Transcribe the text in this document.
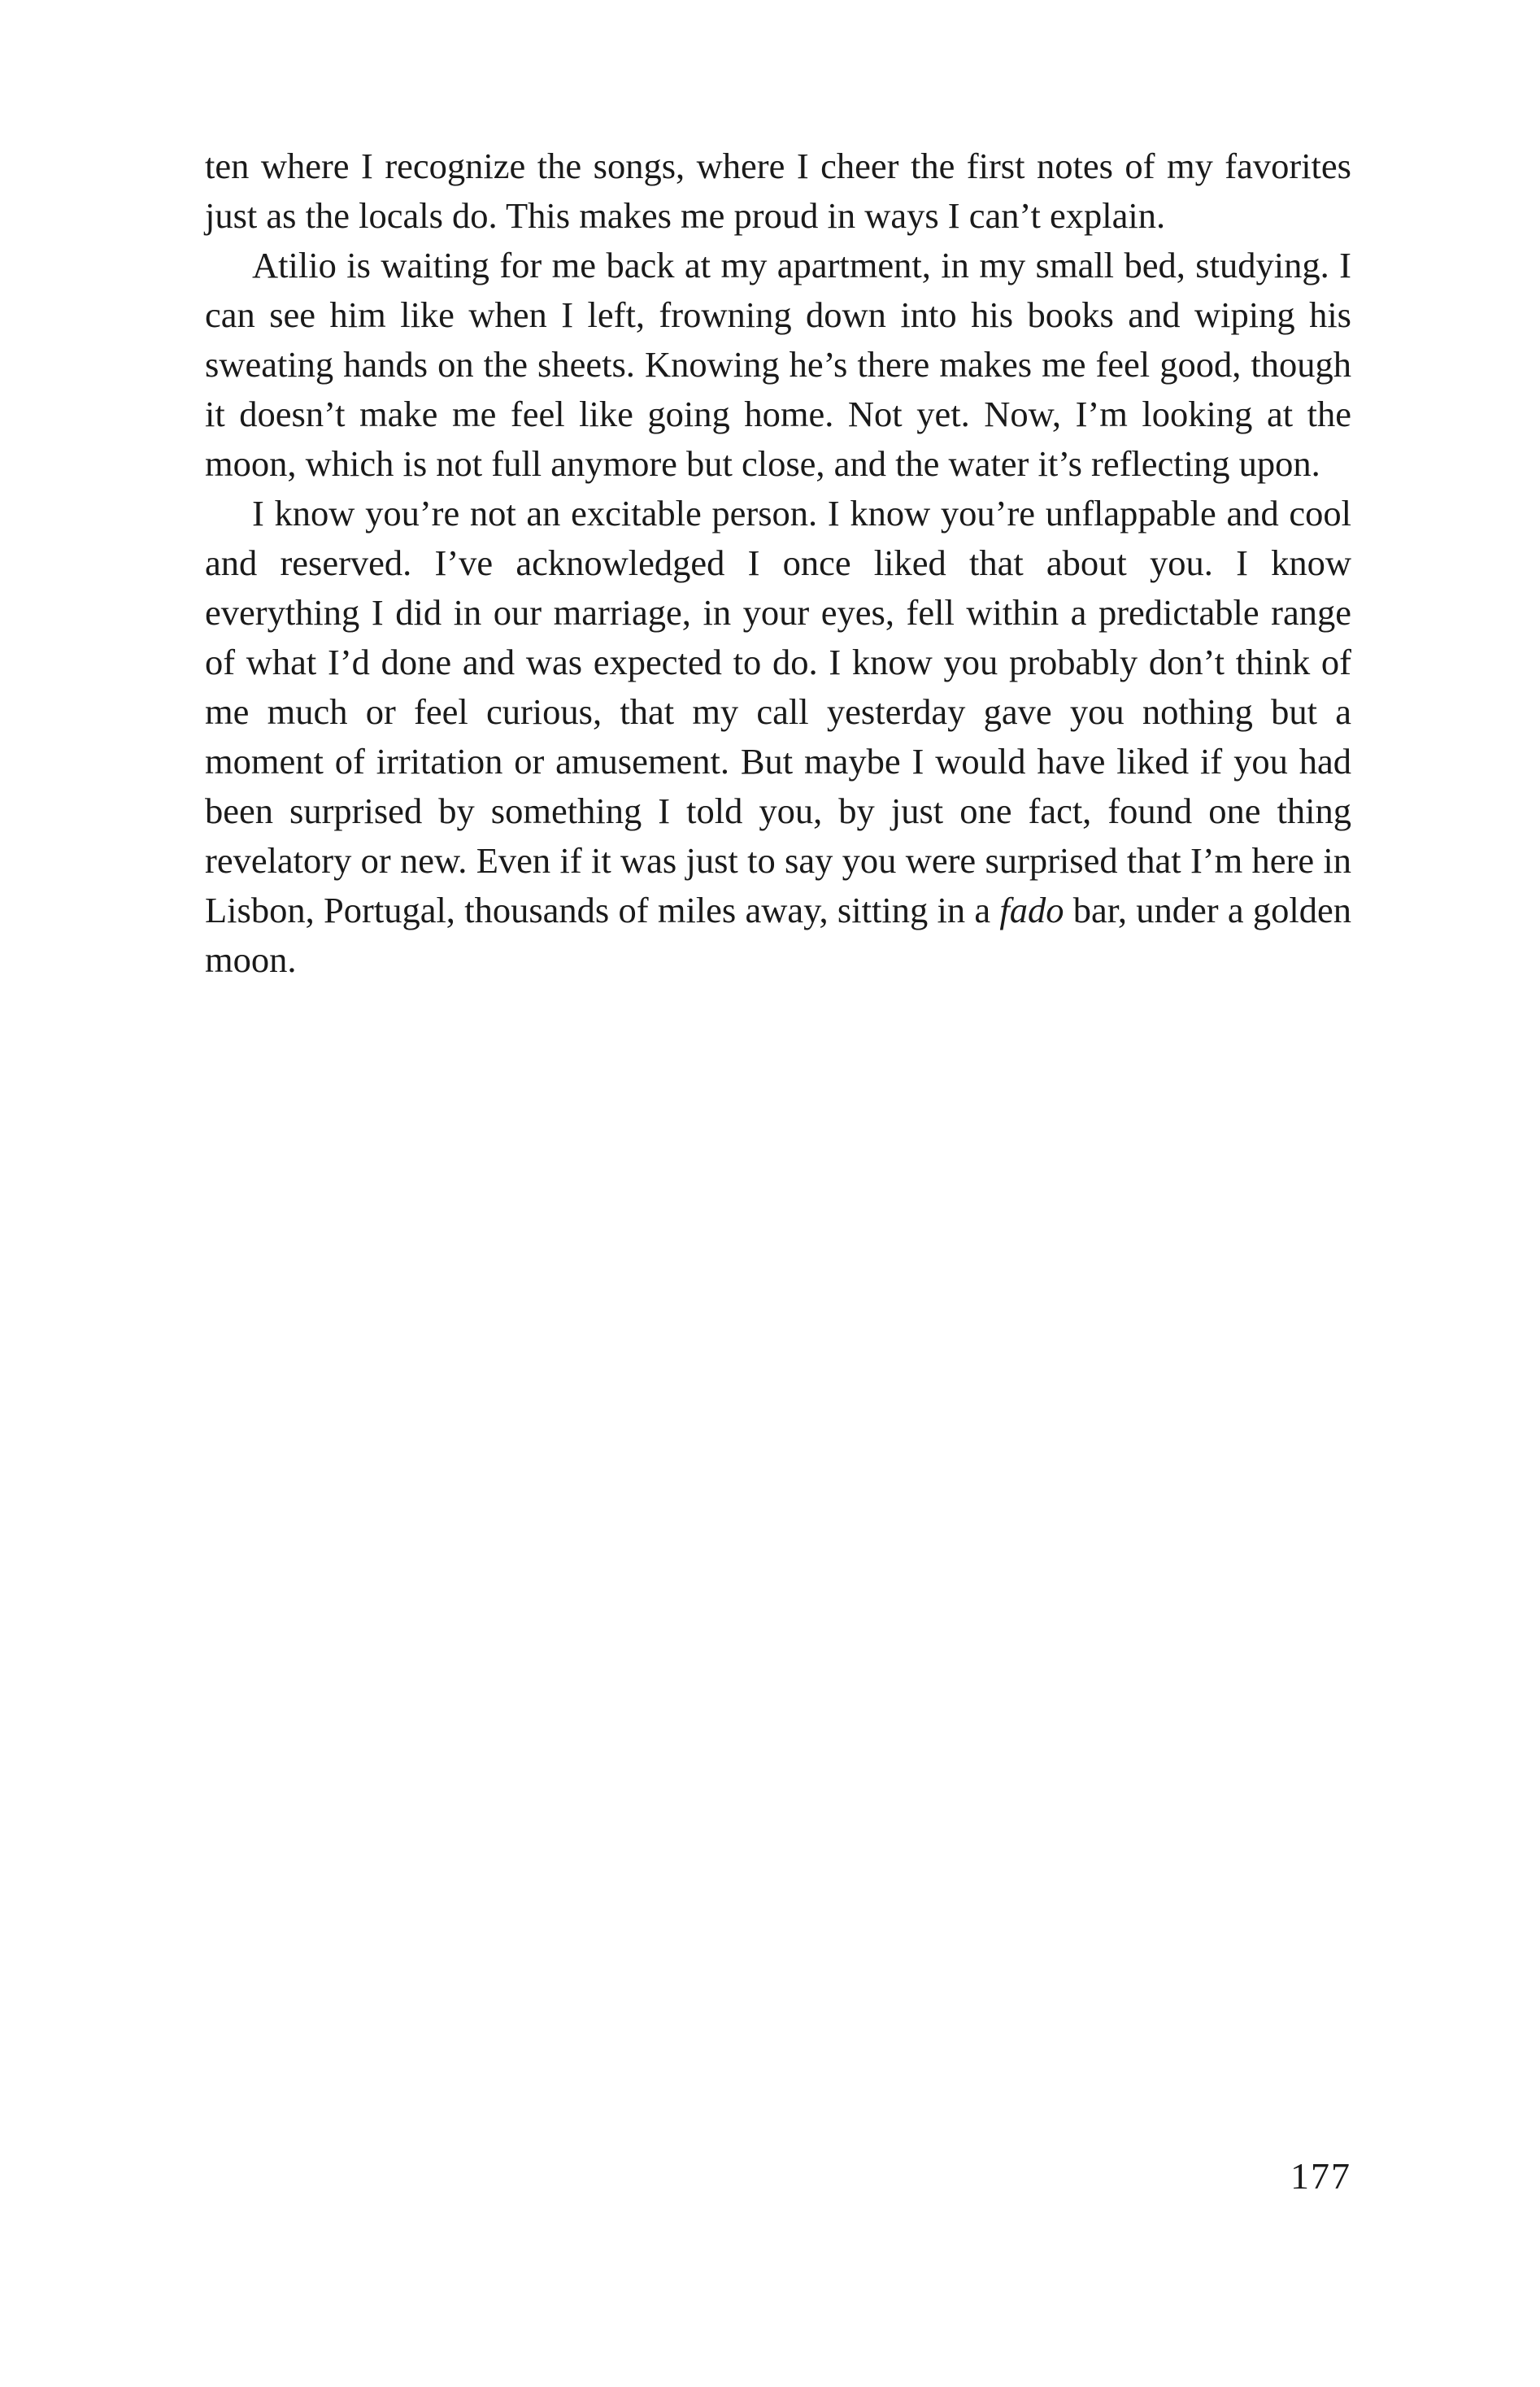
ten where I recognize the songs, where I cheer the first notes of my favorites just as the locals do. This makes me proud in ways I can’t explain.

Atilio is waiting for me back at my apartment, in my small bed, studying. I can see him like when I left, frowning down into his books and wiping his sweating hands on the sheets. Knowing he’s there makes me feel good, though it doesn’t make me feel like going home. Not yet. Now, I’m looking at the moon, which is not full anymore but close, and the water it’s reflecting upon.

I know you’re not an excitable person. I know you’re unflappable and cool and reserved. I’ve acknowledged I once liked that about you. I know everything I did in our marriage, in your eyes, fell within a predictable range of what I’d done and was expected to do. I know you probably don’t think of me much or feel curious, that my call yesterday gave you nothing but a moment of irritation or amusement. But maybe I would have liked if you had been surprised by something I told you, by just one fact, found one thing revelatory or new. Even if it was just to say you were surprised that I’m here in Lisbon, Portugal, thousands of miles away, sitting in a fado bar, under a golden moon.

177
